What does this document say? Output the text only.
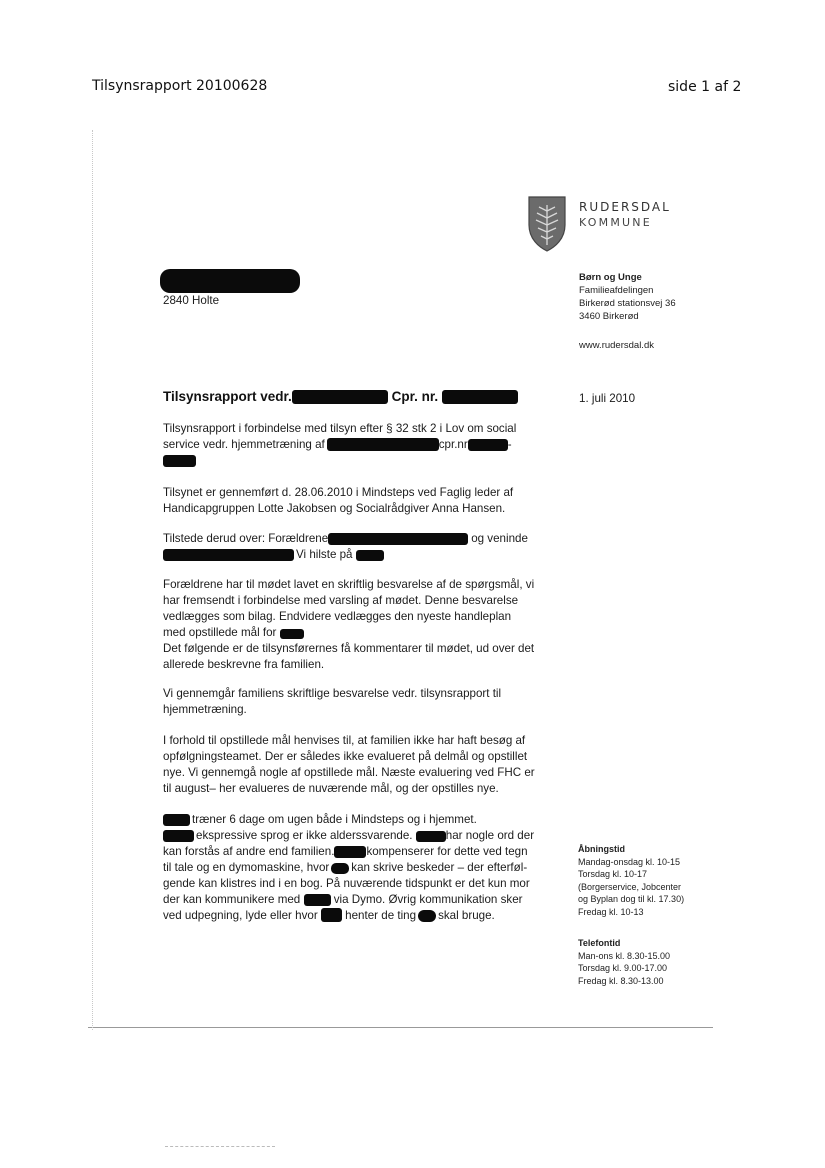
Tilsynsrapport 20100628	side 1 af 2
RUDERSDAL
KOMMUNE
2840 Holte
Børn og Unge
Familieafdelingen
Birkerød stationsvej 36
3460 Birkerød
www.rudersdal.dk
Tilsynsrapport vedr.	Cpr. nr.	1. juli 2010
Tilsynsrapport i forbindelse med tilsyn efter § 32 stk 2 i Lov om social
service vedr. hjemmetræning af	cpr.nr	-
Tilsynet er gennemført d. 28.06.2010 i Mindsteps ved Faglig leder af
Handicapgruppen Lotte Jakobsen og Socialrådgiver Anna Hansen.
Tilstede derud over: Forældrene	og veninde
Vi hilste på
Forældrene har til mødet lavet en skriftlig besvarelse af de spørgsmål, vi
har fremsendt i forbindelse med varsling af mødet. Denne besvarelse
vedlægges som bilag. Endvidere vedlægges den nyeste handleplan
med opstillede mål for
Det følgende er de tilsynsførernes få kommentarer til mødet, ud over det
allerede beskrevne fra familien.
Vi gennemgår familiens skriftlige besvarelse vedr. tilsynsrapport til
hjemmetræning.
I forhold til opstillede mål henvises til, at familien ikke har haft besøg af
opfølgningsteamet. Der er således ikke evalueret på delmål og opstillet
nye. Vi gennemgå nogle af opstillede mål. Næste evaluering ved FHC er
til august– her evalueres de nuværende mål, og der opstilles nye.
træner 6 dage om ugen både i Mindsteps og i hjemmet.
ekspressive sprog er ikke alderssvarende.	har nogle ord der
kan forstås af andre end familien.	kompenserer for dette ved tegn
til tale og en dymomaskine, hvor kan skrive beskeder – der efterføl-
gende kan klistres ind i en bog. På nuværende tidspunkt er det kun mor
der kan kommunikere med	via Dymo. Øvrig kommunikation sker
ved udpegning, lyde eller hvor henter de ting skal bruge.
Åbningstid
Mandag-onsdag kl. 10-15
Torsdag kl. 10-17
(Borgerservice, Jobcenter
og Byplan dog til kl. 17.30)
Fredag kl. 10-13
Telefontid
Man-ons kl. 8.30-15.00
Torsdag kl. 9.00-17.00
Fredag kl. 8.30-13.00
